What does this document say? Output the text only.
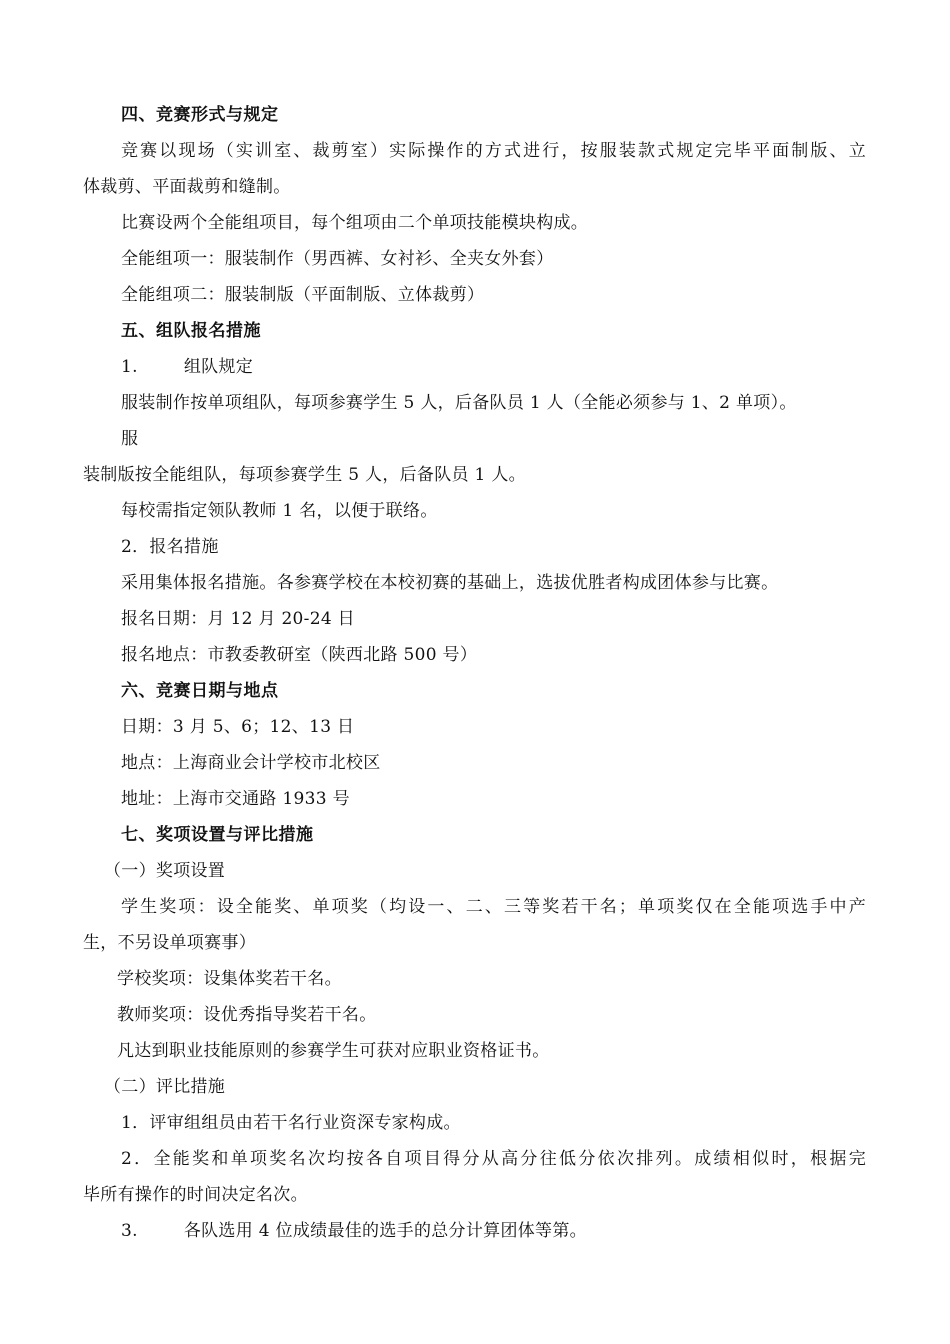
四、竞赛形式与规定
竞赛以现场（实训室、裁剪室）实际操作的方式进行，按服装款式规定完毕平面制版、立
体裁剪、平面裁剪和缝制。
比赛设两个全能组项目，每个组项由二个单项技能模块构成。
全能组项一：服装制作（男西裤、女衬衫、全夹女外套）
全能组项二：服装制版（平面制版、立体裁剪）
五、组队报名措施
1.	组队规定
服装制作按单项组队，每项参赛学生 5 人，后备队员 1 人（全能必须参与 1、2 单项）。
服
装制版按全能组队，每项参赛学生 5 人，后备队员 1 人。
每校需指定领队教师 1 名，以便于联络。
2．报名措施
采用集体报名措施。各参赛学校在本校初赛的基础上，选拔优胜者构成团体参与比赛。
报名日期：月 12 月 20-24 日
报名地点：市教委教研室（陕西北路 500 号）
六、竞赛日期与地点
日期：3 月 5、6；12、13 日
地点：上海商业会计学校市北校区
地址：上海市交通路 1933 号
七、奖项设置与评比措施
（一）奖项设置
学生奖项：设全能奖、单项奖（均设一、二、三等奖若干名；单项奖仅在全能项选手中产
生，不另设单项赛事）
学校奖项：设集体奖若干名。
教师奖项：设优秀指导奖若干名。
凡达到职业技能原则的参赛学生可获对应职业资格证书。
（二）评比措施
1．评审组组员由若干名行业资深专家构成。
2．全能奖和单项奖名次均按各自项目得分从高分往低分依次排列。成绩相似时，根据完
毕所有操作的时间决定名次。
3.	各队选用 4 位成绩最佳的选手的总分计算团体等第。
